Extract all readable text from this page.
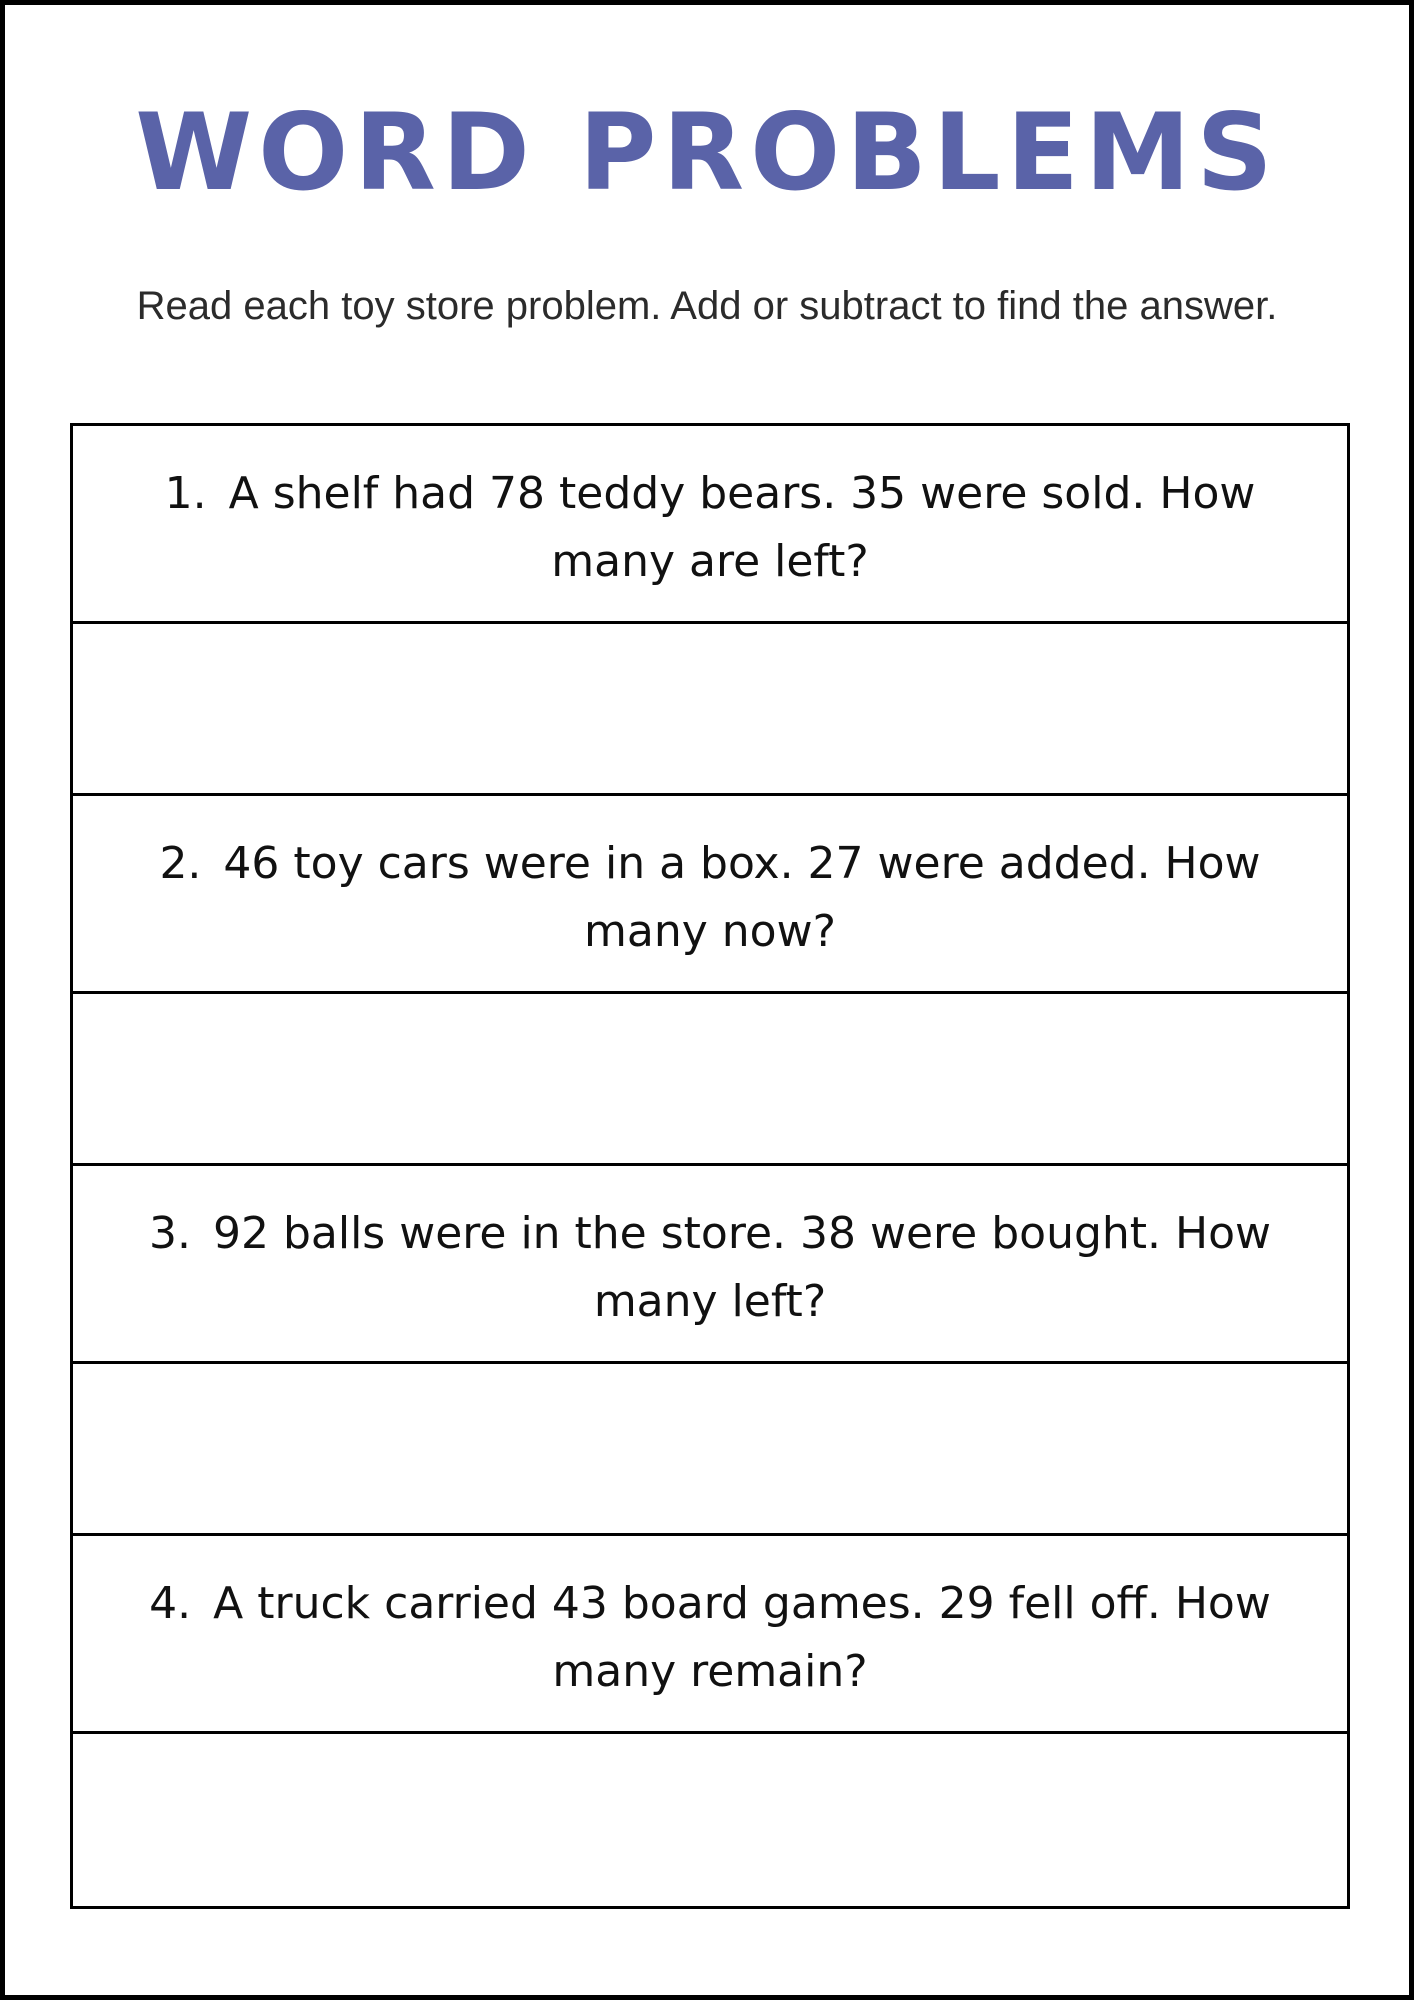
WORD PROBLEMS

Read each toy store problem. Add or subtract to find the answer.

1. A shelf had 78 teddy bears. 35 were sold. How many are left?

2. 46 toy cars were in a box. 27 were added. How many now?

3. 92 balls were in the store. 38 were bought. How many left?

4. A truck carried 43 board games. 29 fell off. How many remain?
